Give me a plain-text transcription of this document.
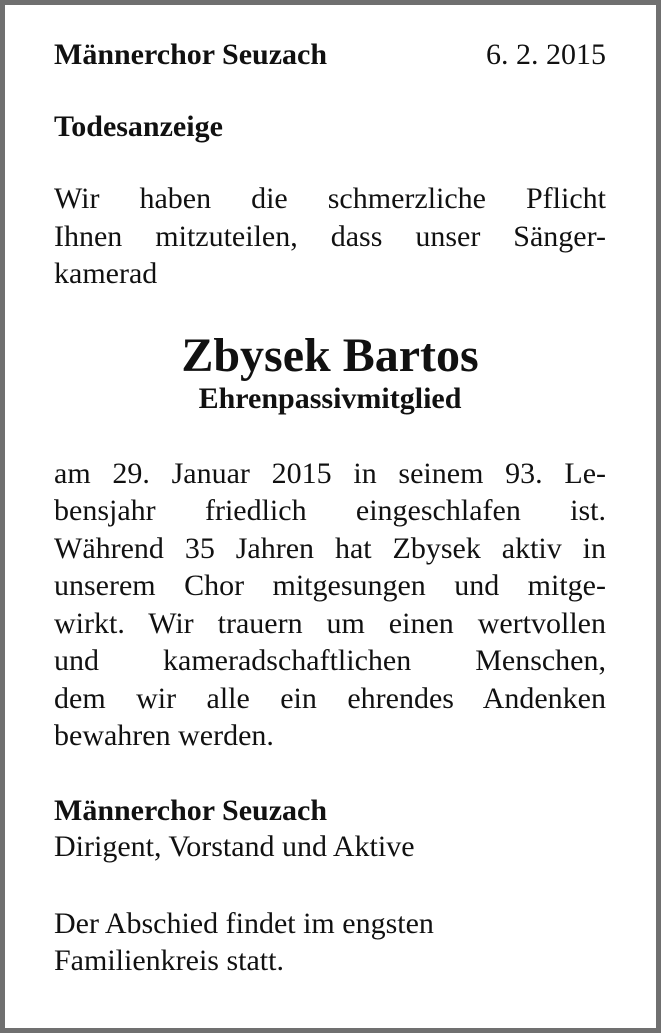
Männerchor Seuzach	6. 2. 2015
Todesanzeige
Wir haben die schmerzliche Pflicht
Ihnen mitzuteilen, dass unser Sänger-
kamerad
Zbysek Bartos
Ehrenpassivmitglied
am 29. Januar 2015 in seinem 93. Le-
bensjahr friedlich eingeschlafen ist.
Während 35 Jahren hat Zbysek aktiv in
unserem Chor mitgesungen und mitge-
wirkt. Wir trauern um einen wertvollen
und kameradschaftlichen Menschen,
dem wir alle ein ehrendes Andenken
bewahren werden.
Männerchor Seuzach
Dirigent, Vorstand und Aktive
Der Abschied findet im engsten
Familienkreis statt.
